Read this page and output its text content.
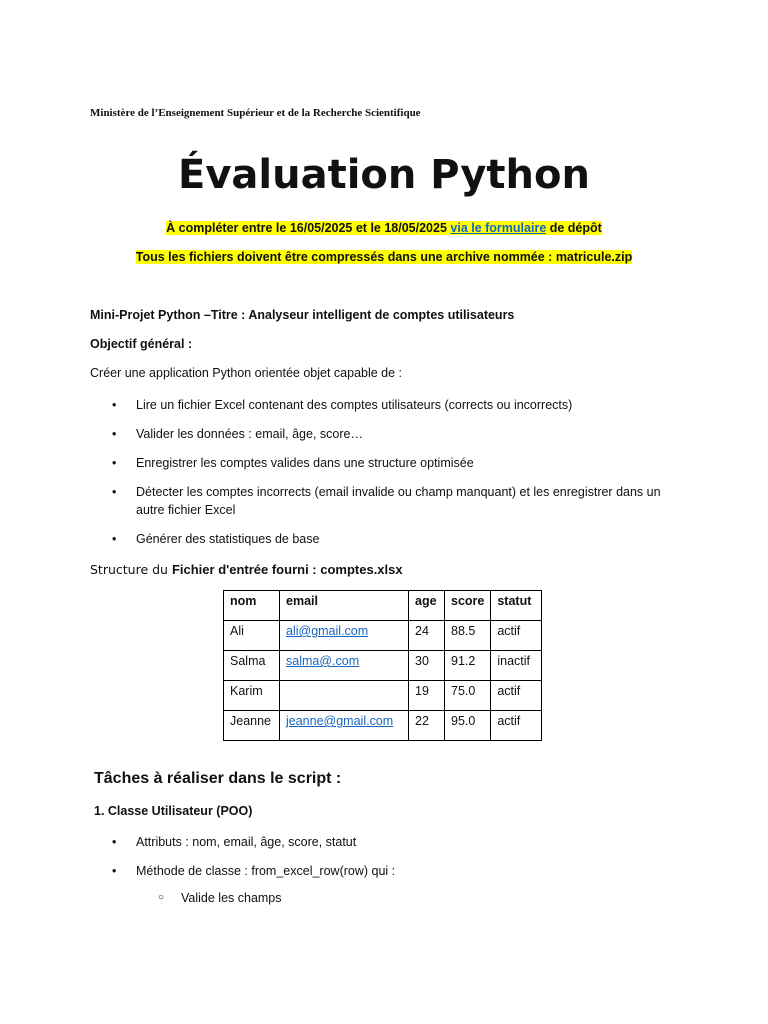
Ministère de l’Enseignement Supérieur et de la Recherche Scientifique
Évaluation Python
À compléter entre le 16/05/2025 et le 18/05/2025 via le formulaire de dépôt
Tous les fichiers doivent être compressés dans une archive nommée : matricule.zip
Mini-Projet Python –Titre : Analyseur intelligent de comptes utilisateurs
Objectif général :
Créer une application Python orientée objet capable de :
• Lire un fichier Excel contenant des comptes utilisateurs (corrects ou incorrects)
• Valider les données : email, âge, score…
• Enregistrer les comptes valides dans une structure optimisée
• Détecter les comptes incorrects (email invalide ou champ manquant) et les enregistrer dans un autre fichier Excel
• Générer des statistiques de base
Structure du Fichier d'entrée fourni : comptes.xlsx
nom	email	age	score	statut
Ali	ali@gmail.com	24	88.5	actif
Salma	salma@.com	30	91.2	inactif
Karim		19	75.0	actif
Jeanne	jeanne@gmail.com	22	95.0	actif
Tâches à réaliser dans le script :
1. Classe Utilisateur (POO)
• Attributs : nom, email, âge, score, statut
• Méthode de classe : from_excel_row(row) qui :
○ Valide les champs
